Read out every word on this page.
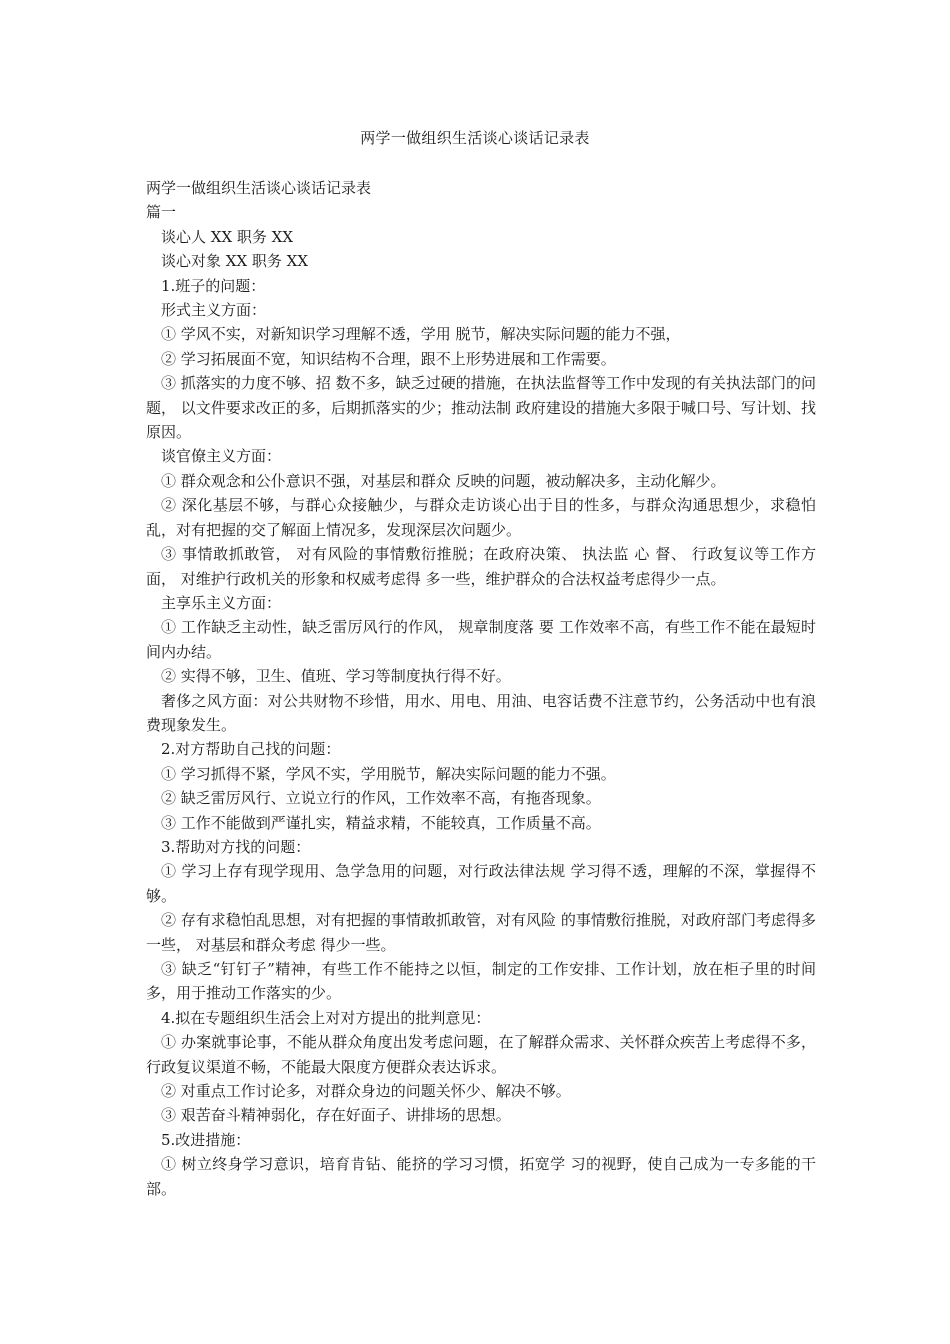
两学一做组织生活谈心谈话记录表

两学一做组织生活谈心谈话记录表

篇一

谈心人 XX 职务 XX

谈心对象 XX 职务 XX

1.班子的问题：

形式主义方面：

① 学风不实，对新知识学习理解不透，学用 脱节，解决实际问题的能力不强，

② 学习拓展面不宽，知识结构不合理，跟不上形势进展和工作需要。

③ 抓落实的力度不够、招 数不多，缺乏过硬的措施，在执法监督等工作中发现的有关执法部门的问题， 以文件要求改正的多，后期抓落实的少；推动法制 政府建设的措施大多限于喊口号、写计划、找原因。

谈官僚主义方面：

① 群众观念和公仆意识不强，对基层和群众 反映的问题，被动解决多，主动化解少。

② 深化基层不够，与群心众接触少，与群众走访谈心出于目的性多，与群众沟通思想少，求稳怕乱，对有把握的交了解面上情况多，发现深层次问题少。

③ 事情敢抓敢管， 对有风险的事情敷衍推脱；在政府决策、 执法监 心 督、 行政复议等工作方面， 对维护行政机关的形象和权威考虑得 多一些，维护群众的合法权益考虑得少一点。

主享乐主义方面：

① 工作缺乏主动性，缺乏雷厉风行的作风， 规章制度落 要 工作效率不高，有些工作不能在最短时间内办结。

② 实得不够，卫生、值班、学习等制度执行得不好。

奢侈之风方面：对公共财物不珍惜，用水、用电、用油、电容话费不注意节约，公务活动中也有浪费现象发生。

2.对方帮助自己找的问题：

① 学习抓得不紧，学风不实，学用脱节，解决实际问题的能力不强。

② 缺乏雷厉风行、立说立行的作风，工作效率不高，有拖沓现象。

③ 工作不能做到严谨扎实，精益求精，不能较真，工作质量不高。

3.帮助对方找的问题：

① 学习上存有现学现用、急学急用的问题，对行政法律法规 学习得不透，理解的不深，掌握得不够。

② 存有求稳怕乱思想，对有把握的事情敢抓敢管，对有风险 的事情敷衍推脱，对政府部门考虑得多一些， 对基层和群众考虑 得少一些。

③ 缺乏“钉钉子”精神，有些工作不能持之以恒，制定的工作安排、工作计划，放在柜子里的时间多，用于推动工作落实的少。

4.拟在专题组织生活会上对对方提出的批判意见：

① 办案就事论事，不能从群众角度出发考虑问题，在了解群众需求、关怀群众疾苦上考虑得不多，行政复议渠道不畅，不能最大限度方便群众表达诉求。

② 对重点工作讨论多，对群众身边的问题关怀少、解决不够。

③ 艰苦奋斗精神弱化，存在好面子、讲排场的思想。

5.改进措施：

① 树立终身学习意识，培育肯钻、能挤的学习习惯，拓宽学 习的视野，使自己成为一专多能的干部。
